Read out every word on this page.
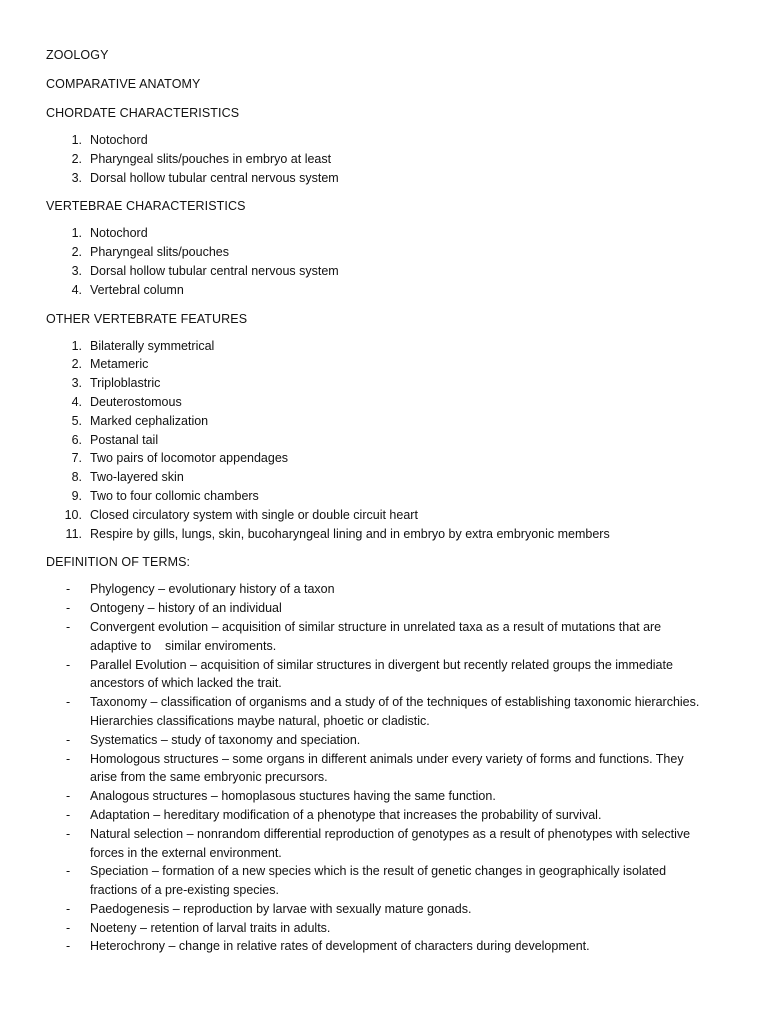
ZOOLOGY

COMPARATIVE ANATOMY

CHORDATE CHARACTERISTICS

1. Notochord
2. Pharyngeal slits/pouches in embryo at least
3. Dorsal hollow tubular central nervous system

VERTEBRAE CHARACTERISTICS

1. Notochord
2. Pharyngeal slits/pouches
3. Dorsal hollow tubular central nervous system
4. Vertebral column

OTHER VERTEBRATE FEATURES

1. Bilaterally symmetrical
2. Metameric
3. Triploblastric
4. Deuterostomous
5. Marked cephalization
6. Postanal tail
7. Two pairs of locomotor appendages
8. Two-layered skin
9. Two to four collomic chambers
10. Closed circulatory system with single or double circuit heart
11. Respire by gills, lungs, skin, bucoharyngeal lining and in embryo by extra embryonic members

DEFINITION OF TERMS:

-	Phylogency – evolutionary history of a taxon
-	Ontogeny – history of an individual
-	Convergent evolution – acquisition of similar structure in unrelated taxa as a result of mutations that are
adaptive to    similar enviroments.
-	Parallel Evolution – acquisition of similar structures in divergent but recently related groups the immediate
ancestors of which lacked the trait.
-	Taxonomy – classification of organisms and a study of of the techniques of establishing taxonomic hierarchies.
Hierarchies classifications maybe natural, phoetic or cladistic.
-	Systematics – study of taxonomy and speciation.
-	Homologous structures – some organs in different animals under every variety of forms and functions. They
arise from the same embryonic precursors.
-	Analogous structures – homoplasous stuctures having the same function.
-	Adaptation – hereditary modification of a phenotype that increases the probability of survival.
-	Natural selection – nonrandom differential reproduction of genotypes as a result of phenotypes with selective
forces in the external environment.
-	Speciation – formation of a new species which is the result of genetic changes in geographically isolated
fractions of a pre-existing species.
-	Paedogenesis – reproduction by larvae with sexually mature gonads.
-	Noeteny – retention of larval traits in adults.
-	Heterochrony – change in relative rates of development of characters during development.
